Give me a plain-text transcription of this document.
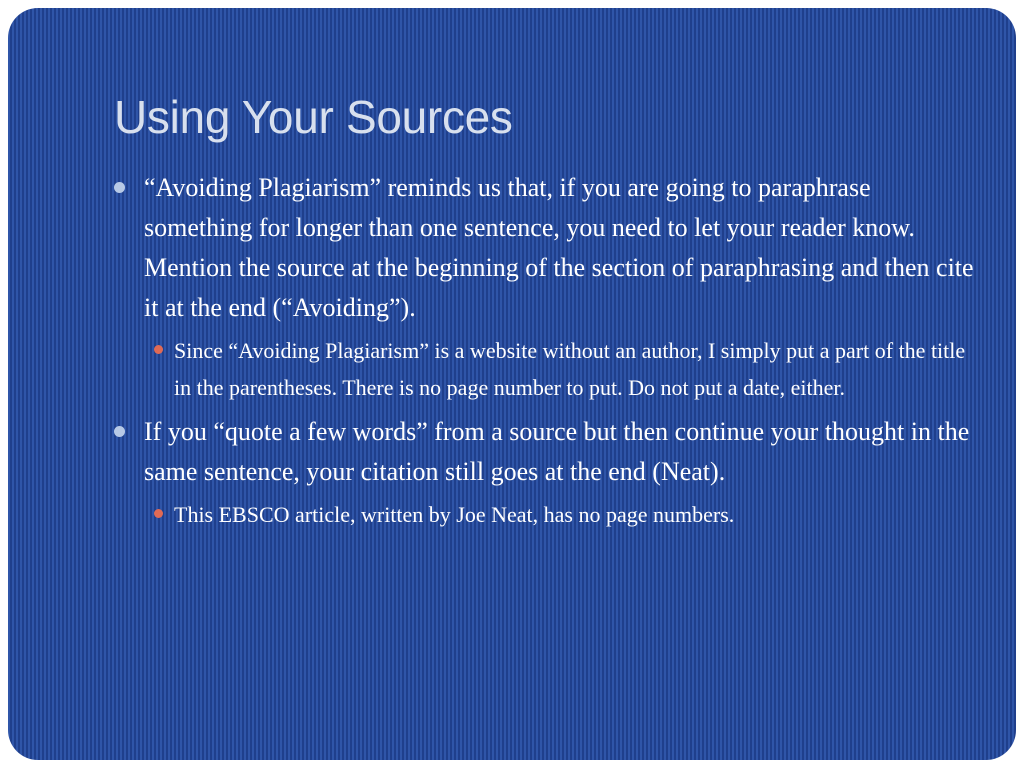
Using Your Sources
“Avoiding Plagiarism” reminds us that, if you are going to paraphrase something for longer than one sentence, you need to let your reader know. Mention the source at the beginning of the section of paraphrasing and then cite it at the end (“Avoiding”).
Since “Avoiding Plagiarism” is a website without an author, I simply put a part of the title in the parentheses. There is no page number to put. Do not put a date, either.
If you “quote a few words” from a source but then continue your thought in the same sentence, your citation still goes at the end (Neat).
This EBSCO article, written by Joe Neat, has no page numbers.
